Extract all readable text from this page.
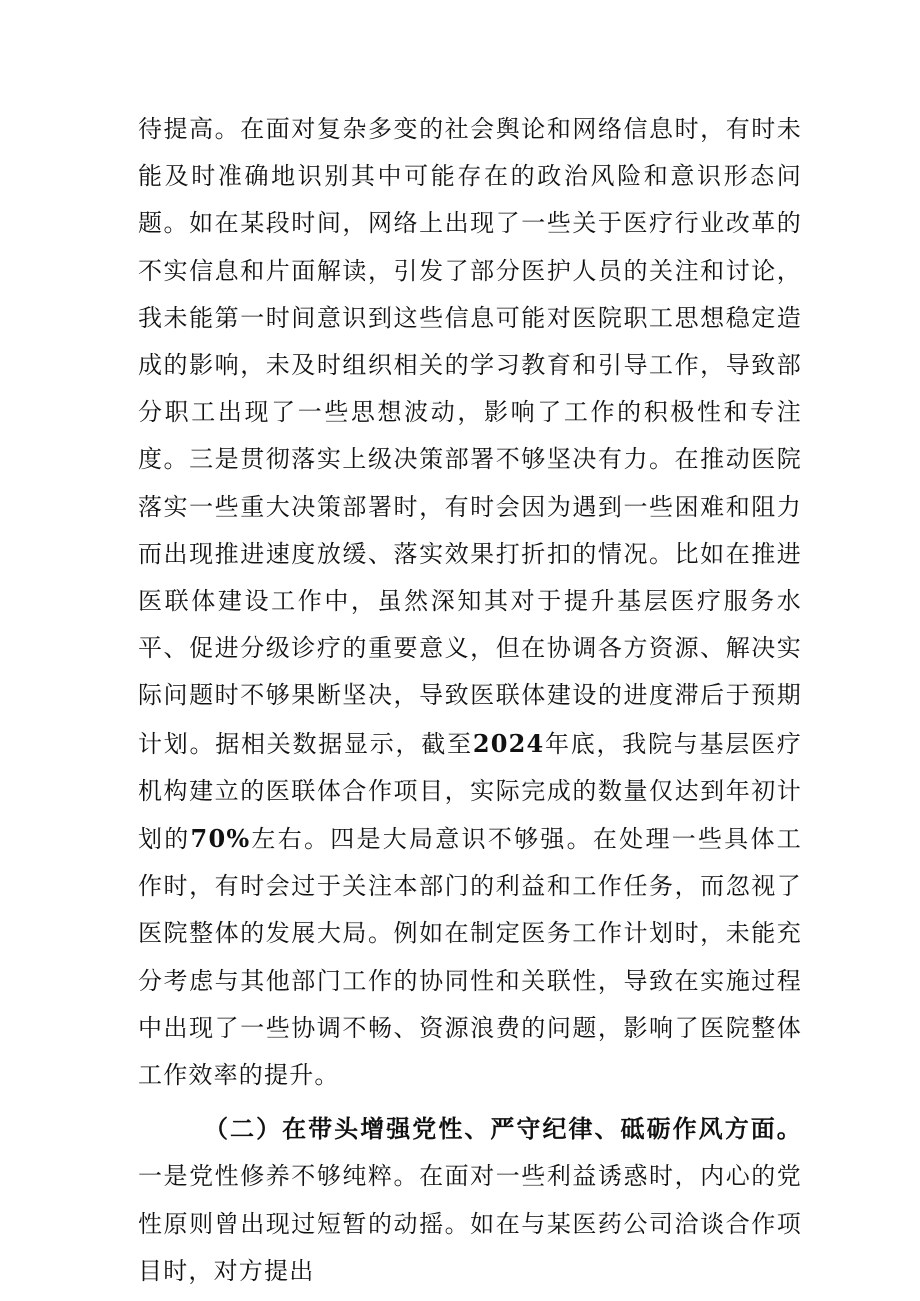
待提高。在面对复杂多变的社会舆论和网络信息时，有时未能及时准确地识别其中可能存在的政治风险和意识形态问题。如在某段时间，网络上出现了一些关于医疗行业改革的不实信息和片面解读，引发了部分医护人员的关注和讨论，我未能第一时间意识到这些信息可能对医院职工思想稳定造成的影响，未及时组织相关的学习教育和引导工作，导致部分职工出现了一些思想波动，影响了工作的积极性和专注度。三是贯彻落实上级决策部署不够坚决有力。在推动医院落实一些重大决策部署时，有时会因为遇到一些困难和阻力而出现推进速度放缓、落实效果打折扣的情况。比如在推进医联体建设工作中，虽然深知其对于提升基层医疗服务水平、促进分级诊疗的重要意义，但在协调各方资源、解决实际问题时不够果断坚决，导致医联体建设的进度滞后于预期计划。据相关数据显示，截至2024年底，我院与基层医疗机构建立的医联体合作项目，实际完成的数量仅达到年初计划的70%左右。四是大局意识不够强。在处理一些具体工作时，有时会过于关注本部门的利益和工作任务，而忽视了医院整体的发展大局。例如在制定医务工作计划时，未能充分考虑与其他部门工作的协同性和关联性，导致在实施过程中出现了一些协调不畅、资源浪费的问题，影响了医院整体工作效率的提升。

（二）在带头增强党性、严守纪律、砥砺作风方面。一是党性修养不够纯粹。在面对一些利益诱惑时，内心的党性原则曾出现过短暂的动摇。如在与某医药公司洽谈合作项目时，对方提出
